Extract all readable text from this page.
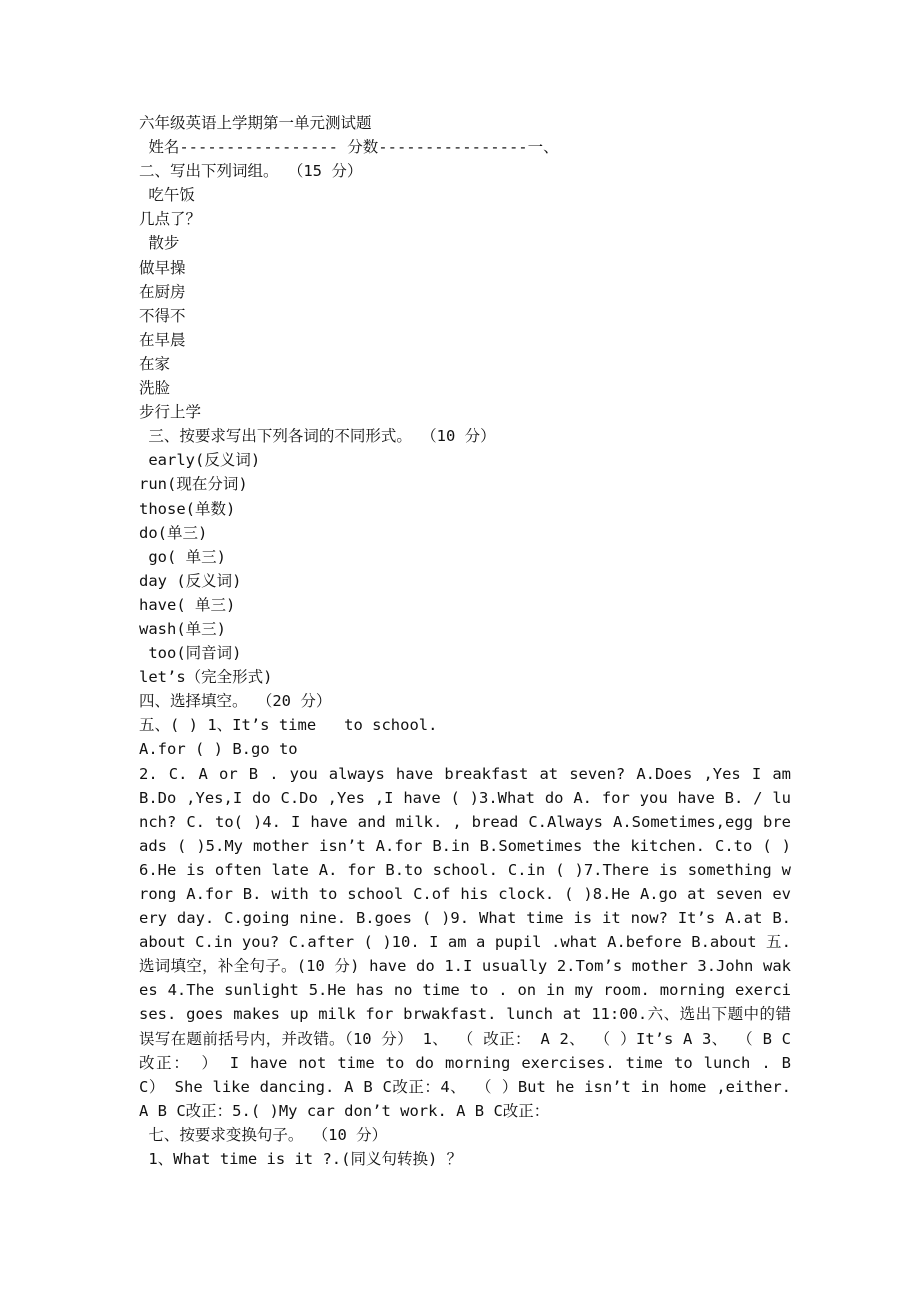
六年级英语上学期第一单元测试题
姓名----------------- 分数----------------一、
二、写出下列词组。 （15 分）
吃午饭
几点了？
散步
做早操
在厨房
不得不
在早晨
在家
洗脸
步行上学
三、按要求写出下列各词的不同形式。 （10 分）
early(反义词)
run(现在分词)
those(单数)
do(单三)
go( 单三)
day (反义词)
have( 单三)
wash(单三)
too(同音词)
let’s（完全形式)
四、选择填空。 （20 分）
五、( ) 1、It’s time   to school.
A.for ( ) B.go to
2. C. A or B . you always have breakfast at seven? A.Does ,Yes I am B.Do ,Yes,I do C.Do ,Yes ,I have ( )3.What do A. for you have B. / lunch? C. to( )4. I have and milk. , bread C.Always A.Sometimes,egg breads ( )5.My mother isn’t A.for B.in B.Sometimes the kitchen. C.to ( )6.He is often late A. for B.to school. C.in ( )7.There is something wrong A.for B. with to school C.of his clock. ( )8.He A.go at seven every day. C.going nine. B.goes ( )9. What time is it now? It’s A.at B. about C.in you? C.after ( )10. I am a pupil .what A.before B.about 五.选词填空，补全句子。(10 分) have do 1.I usually 2.Tom’s mother 3.John wakes 4.The sunlight 5.He has no time to . on in my room. morning exercises. goes makes up milk for brwakfast. lunch at 11:00.六、选出下题中的错误写在题前括号内，并改错。（10 分） 1、 （ 改正： A 2、 （ ）It’s A 3、 （ B C 改正： ） I have not time to do morning exercises. time to lunch . B C） She like dancing. A B C改正：4、 （ ）But he isn’t in home ,either. A B C改正：5.( )My car don’t work. A B C改正：
七、按要求变换句子。 （10 分）
1、What time is it ?.(同义句转换) ？
